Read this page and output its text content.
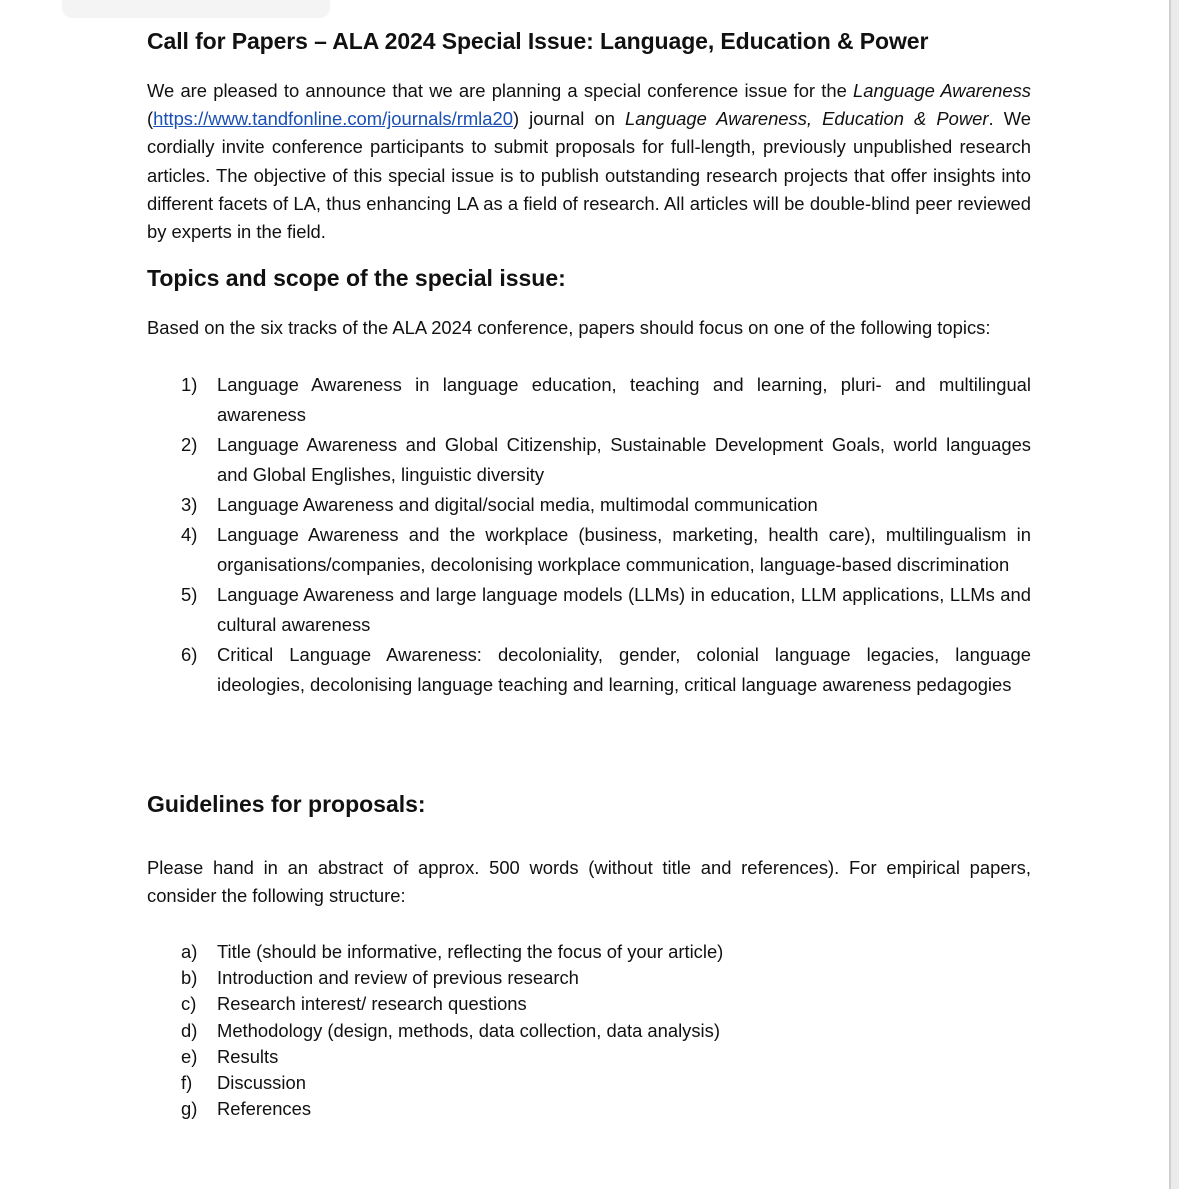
Call for Papers – ALA 2024 Special Issue: Language, Education & Power

We are pleased to announce that we are planning a special conference issue for the Language Awareness (https://www.tandfonline.com/journals/rmla20) journal on Language Awareness, Education & Power. We cordially invite conference participants to submit proposals for full-length, previously unpublished research articles. The objective of this special issue is to publish outstanding research projects that offer insights into different facets of LA, thus enhancing LA as a field of research. All articles will be double-blind peer reviewed by experts in the field.

Topics and scope of the special issue:

Based on the six tracks of the ALA 2024 conference, papers should focus on one of the following topics:

1) Language Awareness in language education, teaching and learning, pluri- and multilingual awareness
2) Language Awareness and Global Citizenship, Sustainable Development Goals, world languages and Global Englishes, linguistic diversity
3) Language Awareness and digital/social media, multimodal communication
4) Language Awareness and the workplace (business, marketing, health care), multilingualism in organisations/companies, decolonising workplace communication, language-based discrimination
5) Language Awareness and large language models (LLMs) in education, LLM applications, LLMs and cultural awareness
6) Critical Language Awareness: decoloniality, gender, colonial language legacies, language ideologies, decolonising language teaching and learning, critical language awareness pedagogies
Guidelines for proposals:

Please hand in an abstract of approx. 500 words (without title and references). For empirical papers, consider the following structure:

a) Title (should be informative, reflecting the focus of your article)
b) Introduction and review of previous research
c) Research interest/ research questions
d) Methodology (design, methods, data collection, data analysis)
e) Results
f) Discussion
g) References
